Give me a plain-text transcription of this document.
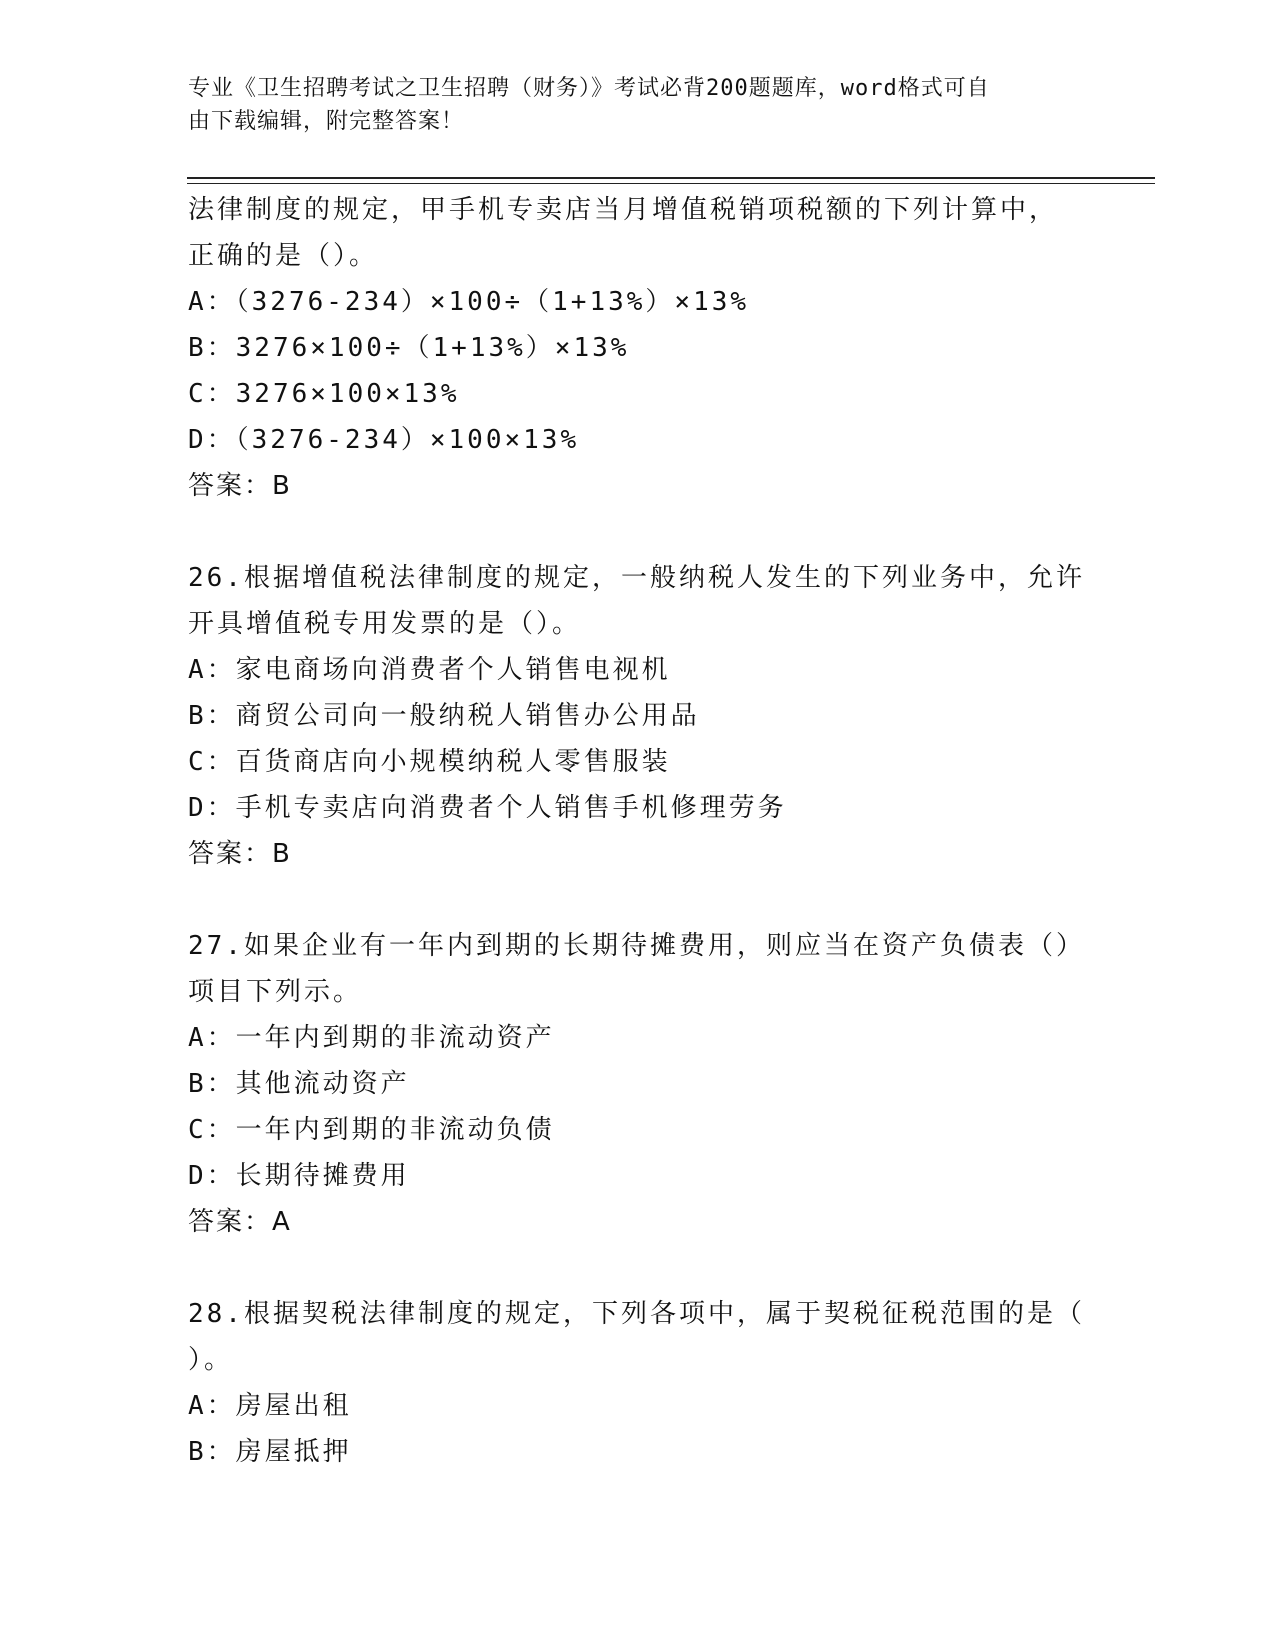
专业《卫生招聘考试之卫生招聘（财务）》考试必背200题题库，word格式可自
由下载编辑，附完整答案！
法律制度的规定，甲手机专卖店当月增值税销项税额的下列计算中，
正确的是（）。
A：（3276-234）×100÷（1+13%）×13%
B：3276×100÷（1+13%）×13%
C：3276×100×13%
D：（3276-234）×100×13%
答案：B
26.根据增值税法律制度的规定，一般纳税人发生的下列业务中，允许
开具增值税专用发票的是（）。
A：家电商场向消费者个人销售电视机
B：商贸公司向一般纳税人销售办公用品
C：百货商店向小规模纳税人零售服装
D：手机专卖店向消费者个人销售手机修理劳务
答案：B
27.如果企业有一年内到期的长期待摊费用，则应当在资产负债表（）
项目下列示。
A：一年内到期的非流动资产
B：其他流动资产
C：一年内到期的非流动负债
D：长期待摊费用
答案：A
28.根据契税法律制度的规定，下列各项中，属于契税征税范围的是（
）。
A：房屋出租
B：房屋抵押
